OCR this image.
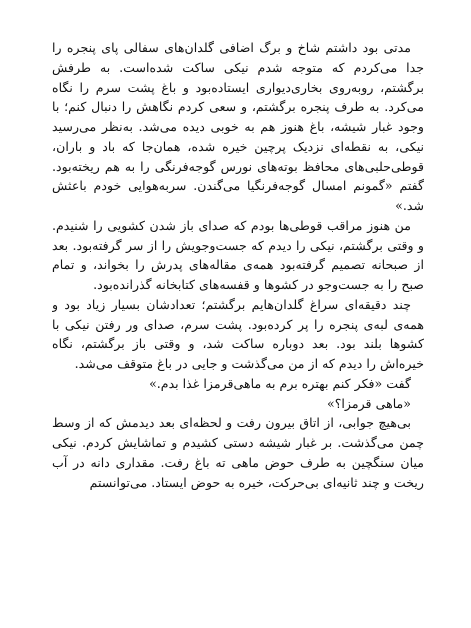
مدتی بود داشتم شاخ و برگ اضافی گلدان‌های سفالی پای پنجره را جدا می‌کردم که متوجه شدم نیکی ساکت شده‌است. به طرفش برگشتم، روبه‌روی بخاری‌دیواری ایستاده‌بود و باغ پشت سرم را نگاه می‌کرد. به طرف پنجره برگشتم، و سعی کردم نگاهش را دنبال کنم؛ با وجود غبار شیشه، باغ هنوز هم به خوبی دیده می‌شد. به‌نظر می‌رسید نیکی، به نقطه‌ای نزدیک پرچین خیره شده، همان‌جا که باد و باران، قوطی‌حلبی‌های محافظ بوته‌های نورس گوجه‌فرنگی را به هم ریخته‌بود. گفتم «گمونم امسال گوجه‌فرنگیا می‌گندن. سربه‌هوایی خودم باعثش شد.»

من هنوز مراقب قوطی‌ها بودم که صدای باز شدن کشویی را شنیدم. و وقتی برگشتم، نیکی را دیدم که جست‌وجویش را از سر گرفته‌بود. بعد از صبحانه تصمیم گرفته‌بود همه‌ی مقاله‌های پدرش را بخواند، و تمام صبح را به جست‌وجو در کشوها و قفسه‌های کتابخانه گذرانده‌بود.

چند دقیقه‌ای سراغ گلدان‌هایم برگشتم؛ تعدادشان بسیار زیاد بود و همه‌ی لبه‌ی پنجره را پر کرده‌بود. پشت سرم، صدای ور رفتن نیکی با کشوها بلند بود. بعد دوباره ساکت شد، و وقتی باز برگشتم، نگاه خیره‌اش را دیدم که از من می‌گذشت و جایی در باغ متوقف می‌شد.

گفت «فکر کنم بهتره برم به ماهی‌قرمزا غذا بدم.»

«ماهی قرمزا؟»

بی‌هیچ جوابی، از اتاق بیرون رفت و لحظه‌ای بعد دیدمش که از وسط چمن می‌گذشت. بر غبار شیشه دستی کشیدم و تماشایش کردم. نیکی میان سنگچین به طرف حوض ماهی ته باغ رفت. مقداری دانه در آب ریخت و چند ثانیه‌ای بی‌حرکت، خیره به حوض ایستاد. می‌توانستم
